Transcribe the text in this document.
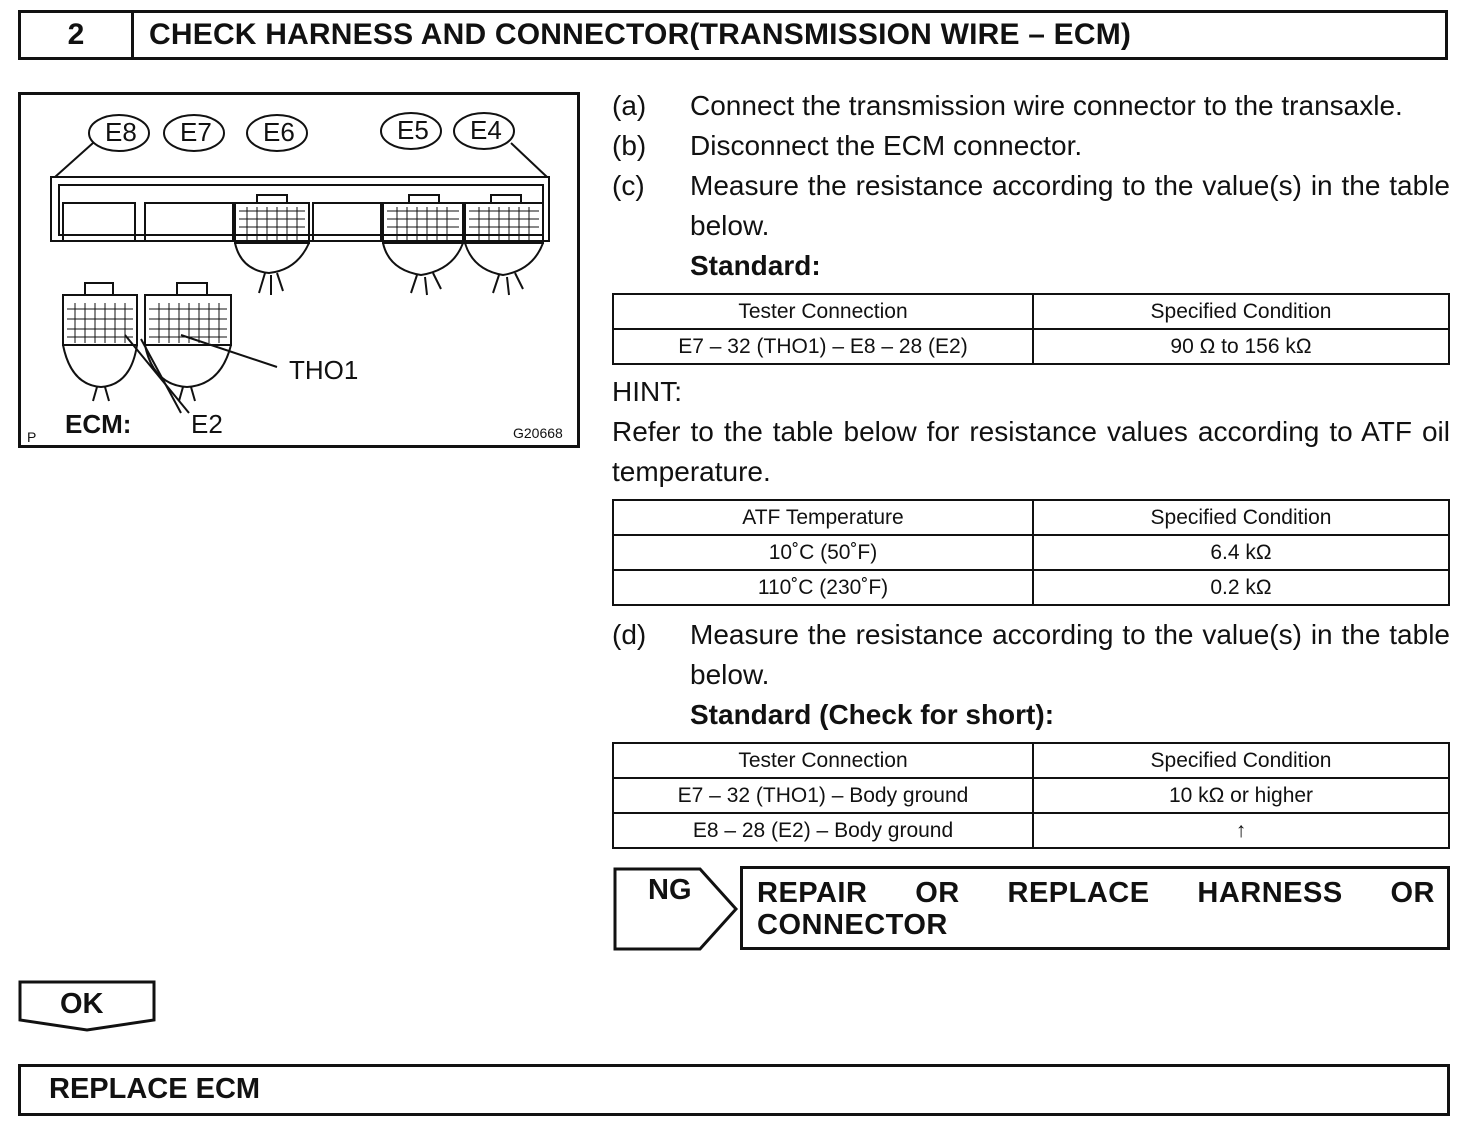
2	CHECK HARNESS AND CONNECTOR(TRANSMISSION WIRE – ECM)
E8 E7 E6	E5 E4
THO1
E2
ECM:
P	G20668
(a) Connect the transmission wire connector to the transaxle.
(b) Disconnect the ECM connector.
(c) Measure the resistance according to the value(s) in the table below.
Standard:
Tester Connection	Specified Condition
E7 – 32 (THO1) – E8 – 28 (E2)	90 Ω to 156 kΩ
HINT:
Refer to the table below for resistance values according to ATF oil temperature.
ATF Temperature	Specified Condition
10˚C (50˚F)	6.4 kΩ
110˚C (230˚F)	0.2 kΩ
(d) Measure the resistance according to the value(s) in the table below.
Standard (Check for short):
Tester Connection	Specified Condition
E7 – 32 (THO1) – Body ground	10 kΩ or higher
E8 – 28 (E2) – Body ground	↑
NG REPAIR OR REPLACE HARNESS OR CONNECTOR
OK
REPLACE ECM
